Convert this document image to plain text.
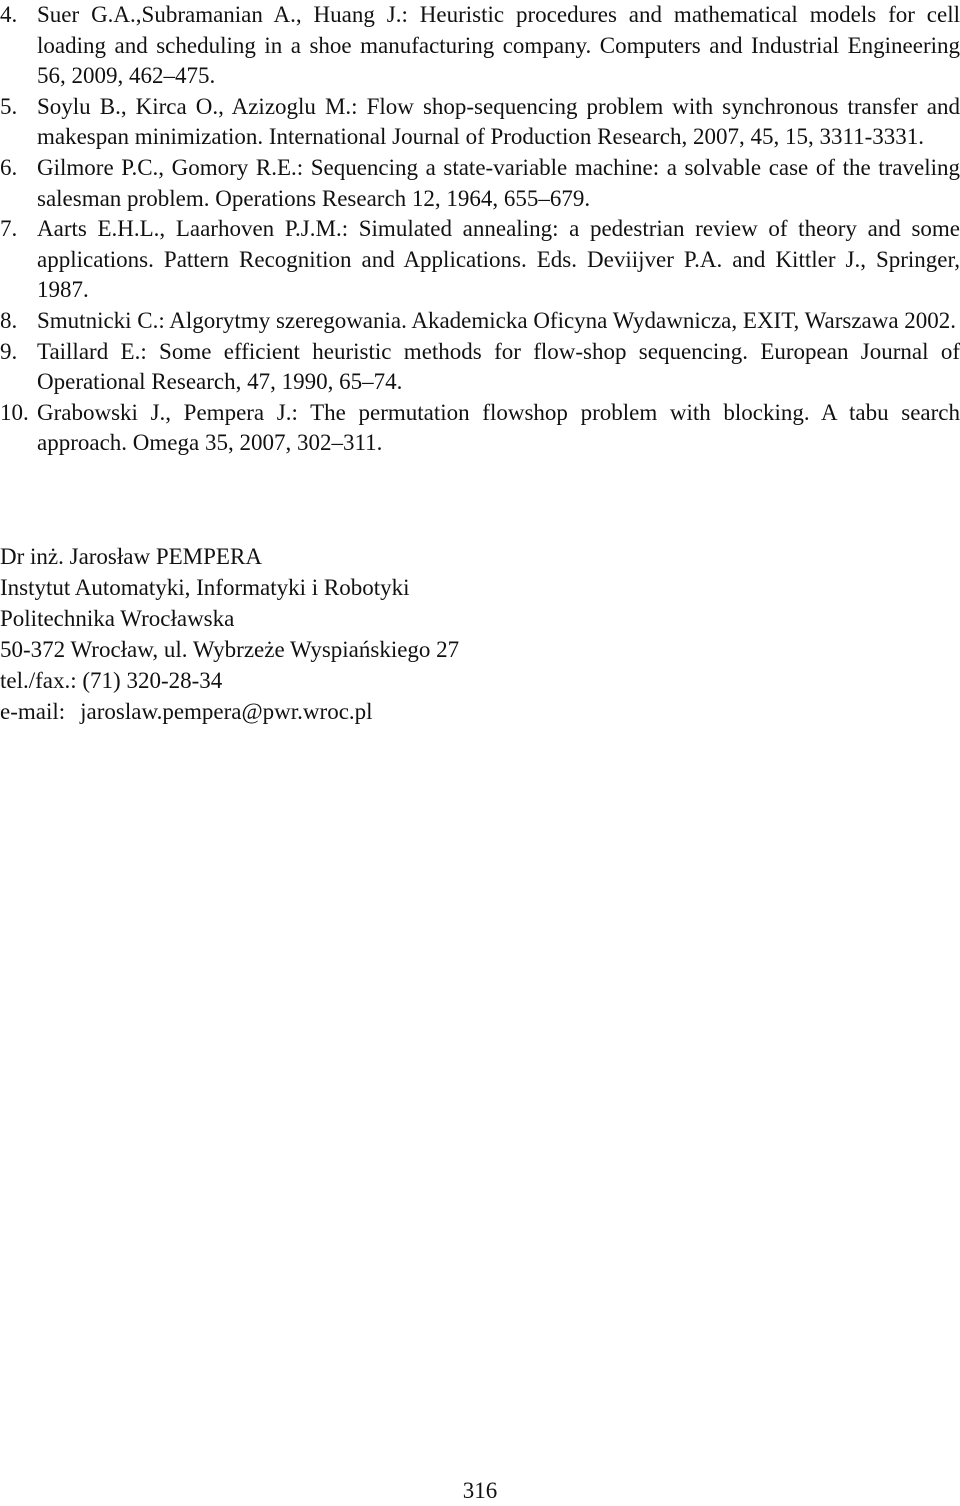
4. Suer G.A.,Subramanian A., Huang J.: Heuristic procedures and mathematical models for cell loading and scheduling in a shoe manufacturing company. Computers and Industrial Engineering 56, 2009, 462–475.
5. Soylu B., Kirca O., Azizoglu M.: Flow shop-sequencing problem with synchronous transfer and makespan minimization. International Journal of Production Research, 2007, 45, 15, 3311-3331.
6. Gilmore P.C., Gomory R.E.: Sequencing a state-variable machine: a solvable case of the traveling salesman problem. Operations Research 12, 1964, 655–679.
7. Aarts E.H.L., Laarhoven P.J.M.: Simulated annealing: a pedestrian review of theory and some applications. Pattern Recognition and Applications. Eds. Deviijver P.A. and Kittler J., Springer, 1987.
8. Smutnicki C.: Algorytmy szeregowania. Akademicka Oficyna Wydawnicza, EXIT, Warszawa 2002.
9. Taillard E.: Some efficient heuristic methods for flow-shop sequencing. European Journal of Operational Research, 47, 1990, 65–74.
10. Grabowski J., Pempera J.: The permutation flowshop problem with blocking. A tabu search approach. Omega 35, 2007, 302–311.
Dr inż. Jarosław PEMPERA
Instytut Automatyki, Informatyki i Robotyki
Politechnika Wrocławska
50-372 Wrocław, ul. Wybrzeże Wyspiańskiego 27
tel./fax.: (71) 320-28-34
e-mail: jaroslaw.pempera@pwr.wroc.pl
316
